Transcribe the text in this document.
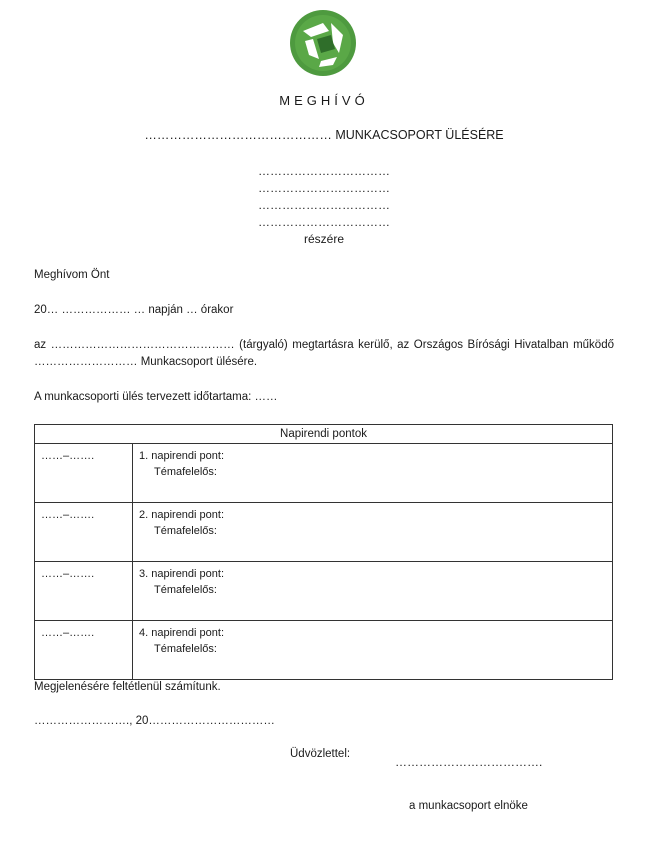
MEGHÍVÓ
……………………………………… MUNKACSOPORT ÜLÉSÉRE
……………………………
……………………………
……………………………
……………………………
részére
Meghívom Önt
20… ……………… … napján … órakor
az ………………………………………… (tárgyaló) megtartásra kerülő, az Országos Bírósági Hivatalban működő ……………………… Munkacsoport ülésére.
A munkacsoporti ülés tervezett időtartama: ……
Napirendi pontok	
……–…….	1. napirendi pont:
Témafelelős:

……–…….	2. napirendi pont:
Témafelelős:

……–…….	3. napirendi pont:
Témafelelős:

……–…….	4. napirendi pont:
Témafelelős:
Megjelenésére feltétlenül számítunk.
……………………., 20……………………………
Üdvözlettel:
……………………………….
a munkacsoport elnöke
